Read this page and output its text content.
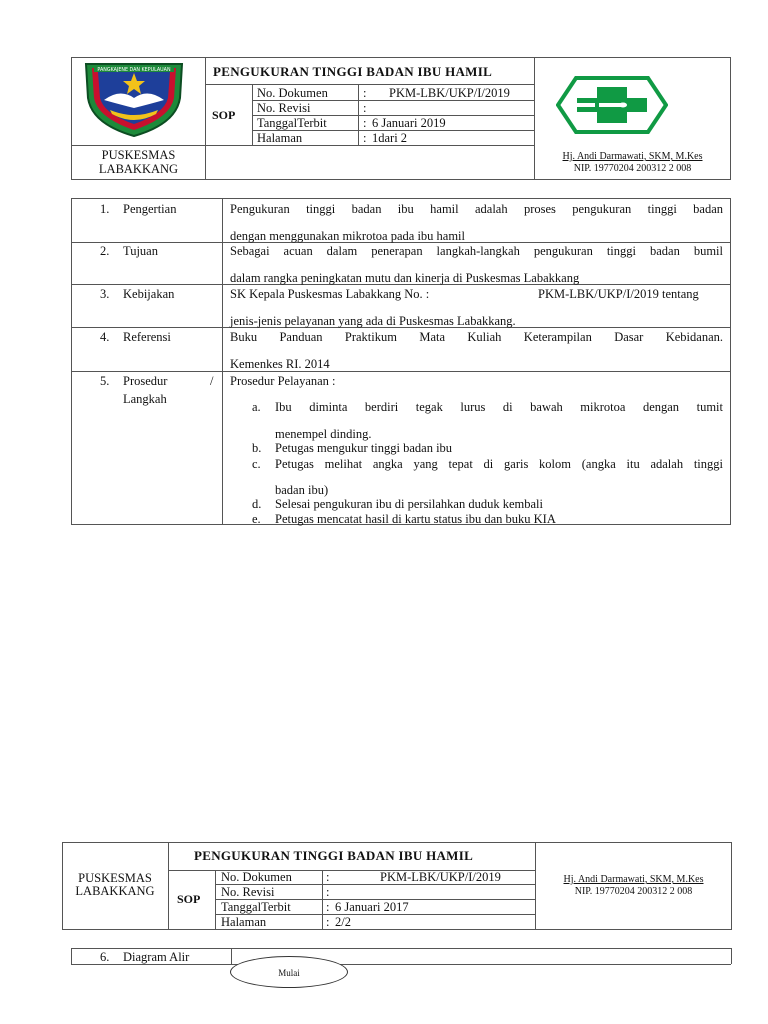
PANGKAJENE DAN KEPULAUAN	PENGUKURAN TINGGI BADAN IBU HAMIL
SOP
No. Dokumen	: PKM-LBK/UKP/I/2019
No. Revisi	:
TanggalTerbit	: 6 Januari 2019
Halaman	: 1dari 2
PUSKESMAS
LABAKKANG
Hj. Andi Darmawati, SKM, M.Kes
NIP. 19770204 200312 2 008
1. Pengertian	Pengukuran tinggi badan ibu hamil adalah proses pengukuran tinggi badan
dengan menggunakan mikrotoa pada ibu hamil
2. Tujuan	Sebagai acuan dalam penerapan langkah-langkah pengukuran tinggi badan bumil
dalam rangka peningkatan mutu dan kinerja di Puskesmas Labakkang
3. Kebijakan	SK Kepala Puskesmas Labakkang No. :	PKM-LBK/UKP/I/2019 tentang
jenis-jenis pelayanan yang ada di Puskesmas Labakkang.
4. Referensi	Buku Panduan Praktikum Mata Kuliah Keterampilan Dasar Kebidanan.
Kemenkes RI. 2014
5. Prosedur	/
Langkah
Prosedur Pelayanan :
a. Ibu diminta berdiri tegak lurus di bawah mikrotoa dengan tumit
menempel dinding.
b. Petugas mengukur tinggi badan ibu
c. Petugas melihat angka yang tepat di garis kolom (angka itu adalah tinggi
badan ibu)
d. Selesai pengukuran ibu di persilahkan duduk kembali
e. Petugas mencatat hasil di kartu status ibu dan buku KIA
PUSKESMAS
LABAKKANG
PENGUKURAN TINGGI BADAN IBU HAMIL
SOP
No. Dokumen	:	PKM-LBK/UKP/I/2019
No. Revisi	:
TanggalTerbit	: 6 Januari 2017
Halaman	: 2/2
Hj. Andi Darmawati, SKM, M.Kes
NIP. 19770204 200312 2 008
6. Diagram Alir
Mulai
